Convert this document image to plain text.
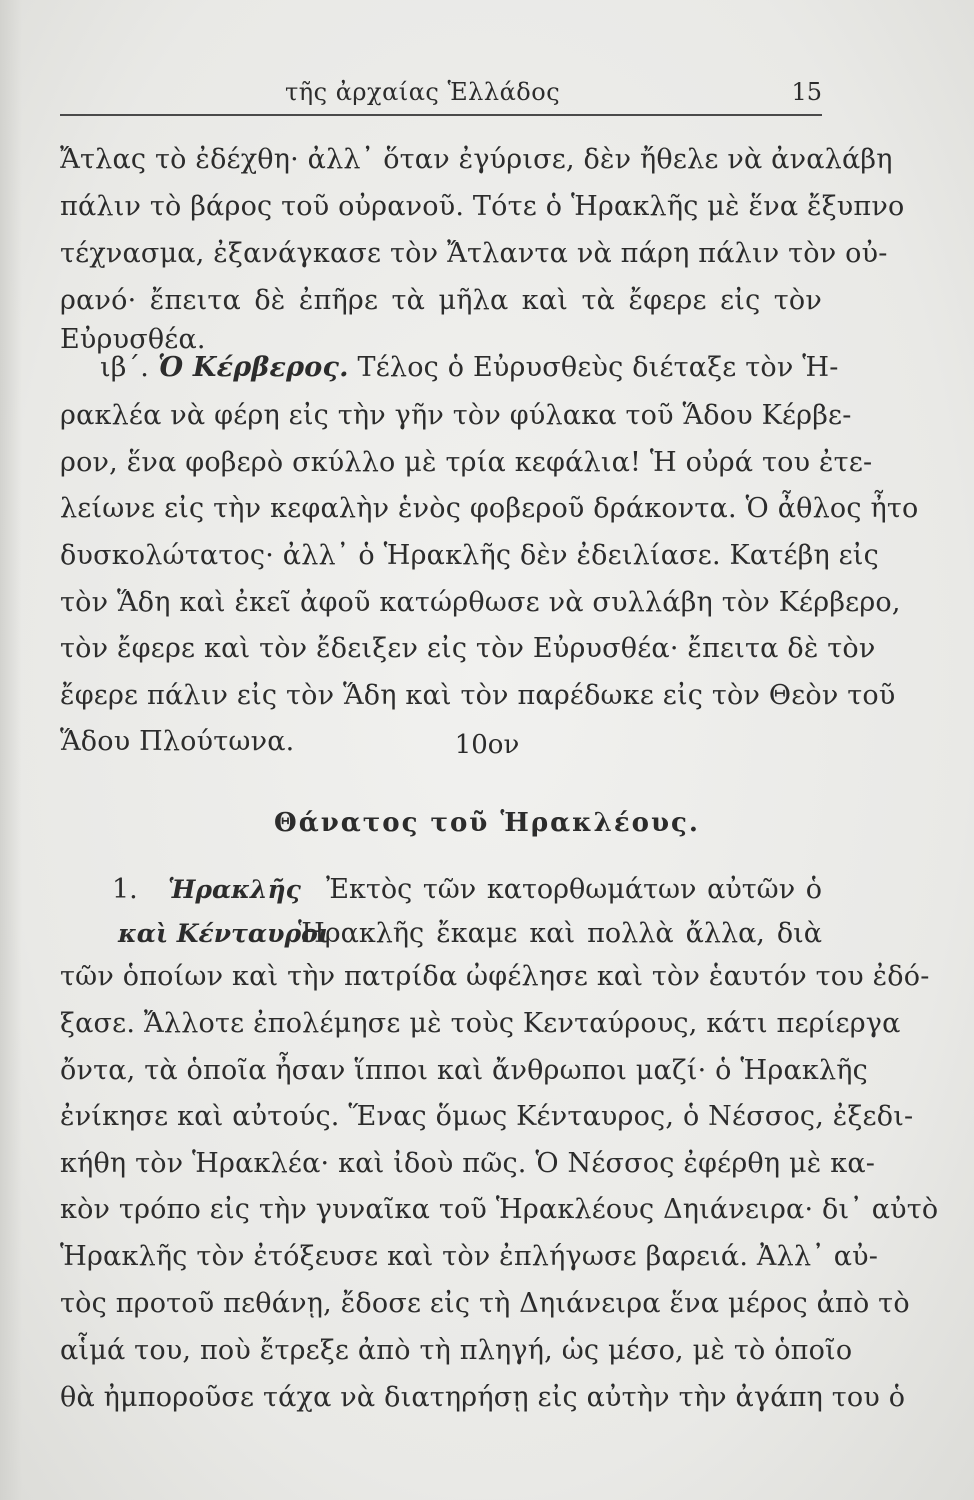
τῆς ἀρχαίας Ἑλλάδος	15
Ἄτλας τὸ ἐδέχθη· ἀλλ᾽ ὅταν ἐγύρισε, δὲν ἤθελε νὰ ἀναλάβη
πάλιν τὸ βάρος τοῦ οὐρανοῦ. Τότε ὁ Ἡρακλῆς μὲ ἕνα ἔξυπνο
τέχνασμα, ἐξανάγκασε τὸν Ἄτλαντα νὰ πάρη πάλιν τὸν οὐ-
ρανό· ἔπειτα δὲ ἐπῆρε τὰ μῆλα καὶ τὰ ἔφερε εἰς τὸν
Εὐρυσθέα.
ιβ΄. Ὁ Κέρβερος. Τέλος ὁ Εὐρυσθεὺς διέταξε τὸν Ἡ-
ρακλέα νὰ φέρη εἰς τὴν γῆν τὸν φύλακα τοῦ Ἅδου Κέρβε-
ρον, ἕνα φοβερὸ σκύλλο μὲ τρία κεφάλια! Ἡ οὐρά του ἐτε-
λείωνε εἰς τὴν κεφαλὴν ἑνὸς φοβεροῦ δράκοντα. Ὁ ἆθλος ἦτο
δυσκολώτατος· ἀλλ᾽ ὁ Ἡρακλῆς δὲν ἐδειλίασε. Κατέβη εἰς
τὸν Ἅδη καὶ ἐκεῖ ἀφοῦ κατώρθωσε νὰ συλλάβη τὸν Κέρβερο,
τὸν ἔφερε καὶ τὸν ἔδειξεν εἰς τὸν Εὐρυσθέα· ἔπειτα δὲ τὸν
ἔφερε πάλιν εἰς τὸν Ἅδη καὶ τὸν παρέδωκε εἰς τὸν Θεὸν τοῦ
Ἅδου Πλούτωνα.	10ον
Θάνατος τοῦ Ἡρακλέους.
1. Ἡρακλῆς
καὶ Κένταυροι
Ἐκτὸς τῶν κατορθωμάτων αὐτῶν ὁ
Ἡρακλῆς ἔκαμε καὶ πολλὰ ἄλλα, διὰ
τῶν ὁποίων καὶ τὴν πατρίδα ὠφέλησε καὶ τὸν ἑαυτόν του ἐδό-
ξασε. Ἄλλοτε ἐπολέμησε μὲ τοὺς Κενταύρους, κάτι περίεργα
ὄντα, τὰ ὁποῖα ἦσαν ἵπποι καὶ ἄνθρωποι μαζί· ὁ Ἡρακλῆς
ἐνίκησε καὶ αὐτούς. Ἕνας ὅμως Κένταυρος, ὁ Νέσσος, ἐξεδι-
κήθη τὸν Ἡρακλέα· καὶ ἰδοὺ πῶς. Ὁ Νέσσος ἐφέρθη μὲ κα-
κὸν τρόπο εἰς τὴν γυναῖκα τοῦ Ἡρακλέους Δηιάνειρα· δι᾽ αὐτὸ
Ἡρακλῆς τὸν ἐτόξευσε καὶ τὸν ἐπλήγωσε βαρειά. Ἀλλ᾽ αὐ-
τὸς προτοῦ πεθάνῃ, ἔδοσε εἰς τὴ Δηιάνειρα ἕνα μέρος ἀπὸ τὸ
αἷμά του, ποὺ ἔτρεξε ἀπὸ τὴ πληγή, ὡς μέσο, μὲ τὸ ὁποῖο
θὰ ἠμποροῦσε τάχα νὰ διατηρήσῃ εἰς αὐτὴν τὴν ἀγάπη του ὁ
